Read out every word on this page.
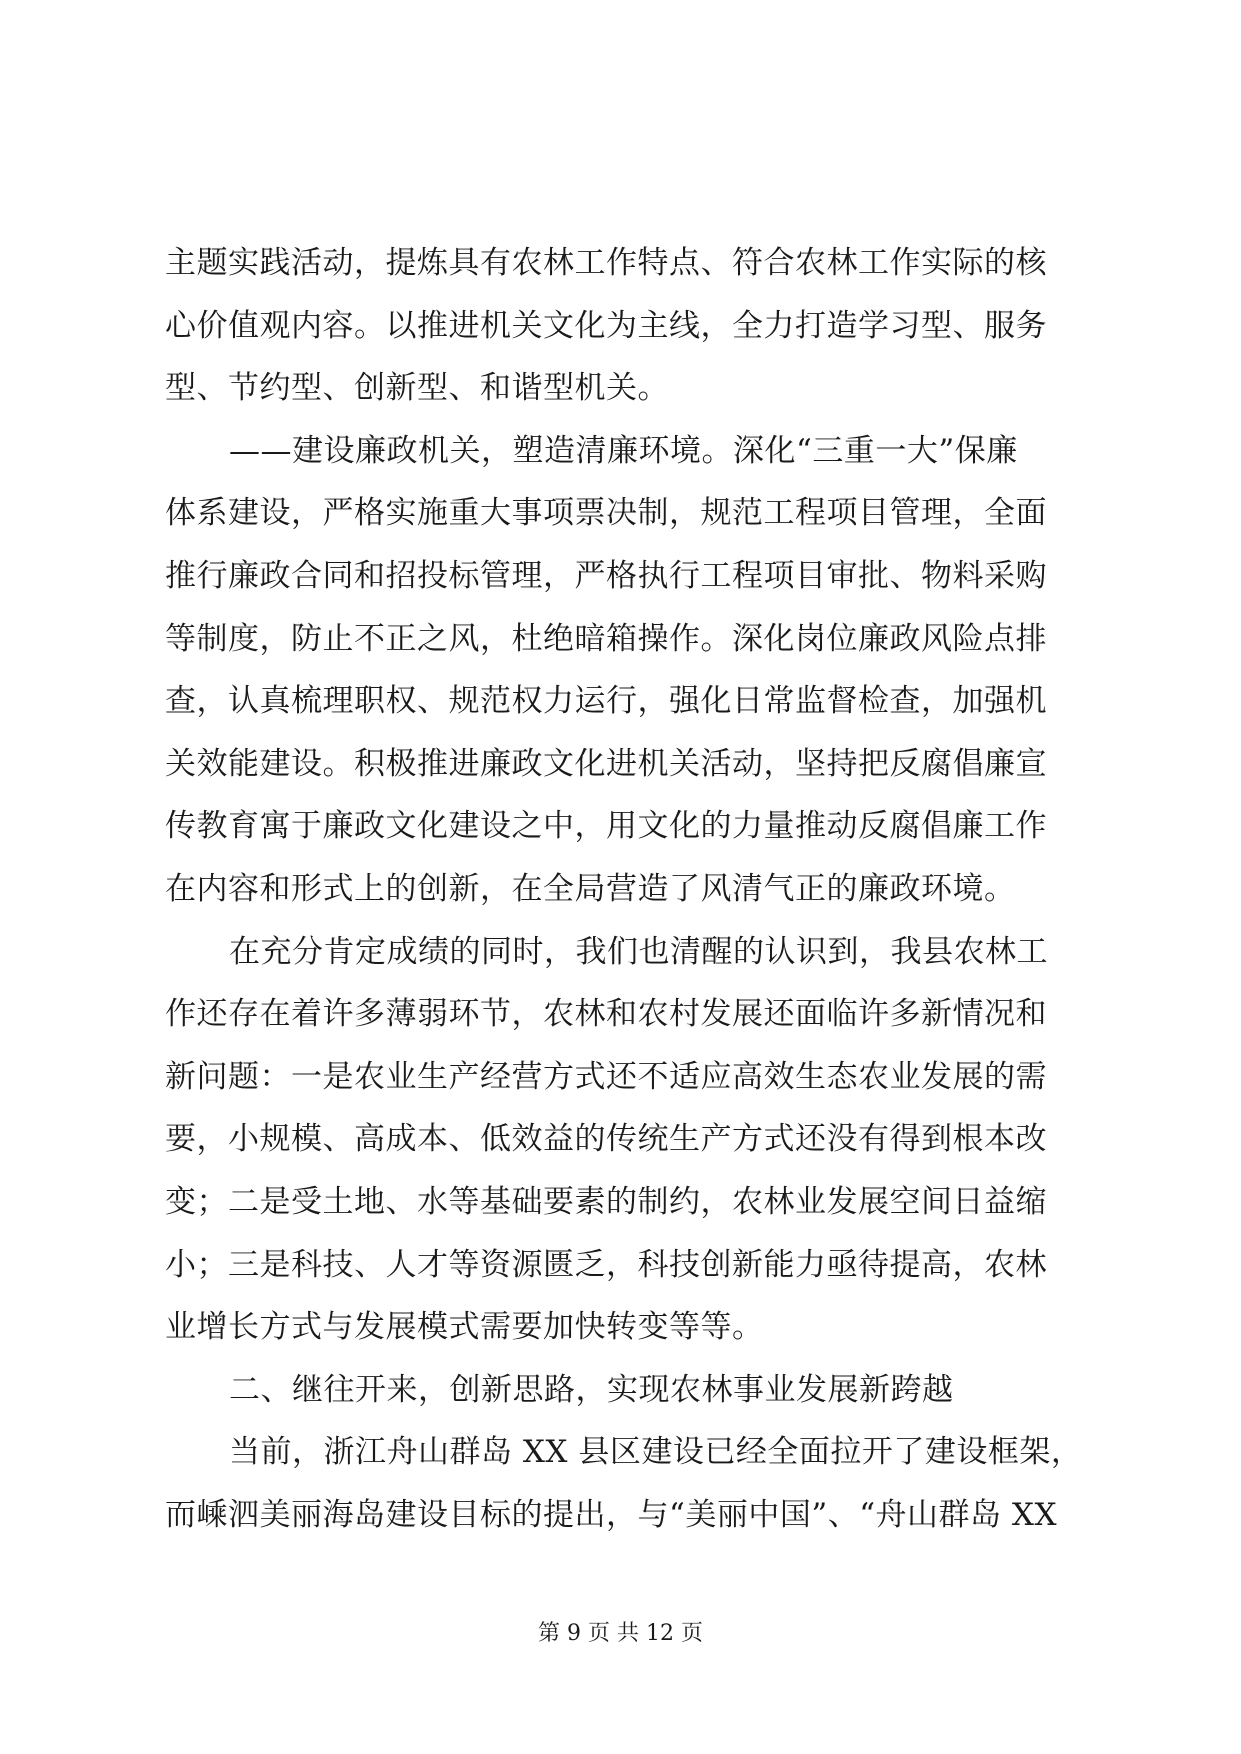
主题实践活动，提炼具有农林工作特点、符合农林工作实际的核
心价值观内容。以推进机关文化为主线，全力打造学习型、服务
型、节约型、创新型、和谐型机关。
——建设廉政机关，塑造清廉环境。深化“三重一大”保廉
体系建设，严格实施重大事项票决制，规范工程项目管理，全面
推行廉政合同和招投标管理，严格执行工程项目审批、物料采购
等制度，防止不正之风，杜绝暗箱操作。深化岗位廉政风险点排
查，认真梳理职权、规范权力运行，强化日常监督检查，加强机
关效能建设。积极推进廉政文化进机关活动，坚持把反腐倡廉宣
传教育寓于廉政文化建设之中，用文化的力量推动反腐倡廉工作
在内容和形式上的创新，在全局营造了风清气正的廉政环境。
在充分肯定成绩的同时，我们也清醒的认识到，我县农林工
作还存在着许多薄弱环节，农林和农村发展还面临许多新情况和
新问题：一是农业生产经营方式还不适应高效生态农业发展的需
要，小规模、高成本、低效益的传统生产方式还没有得到根本改
变；二是受土地、水等基础要素的制约，农林业发展空间日益缩
小；三是科技、人才等资源匮乏，科技创新能力亟待提高，农林
业增长方式与发展模式需要加快转变等等。
二、继往开来，创新思路，实现农林事业发展新跨越
当前，浙江舟山群岛 XX 县区建设已经全面拉开了建设框架，
而嵊泗美丽海岛建设目标的提出，与“美丽中国”、“舟山群岛 XX
第 9 页 共 12 页
